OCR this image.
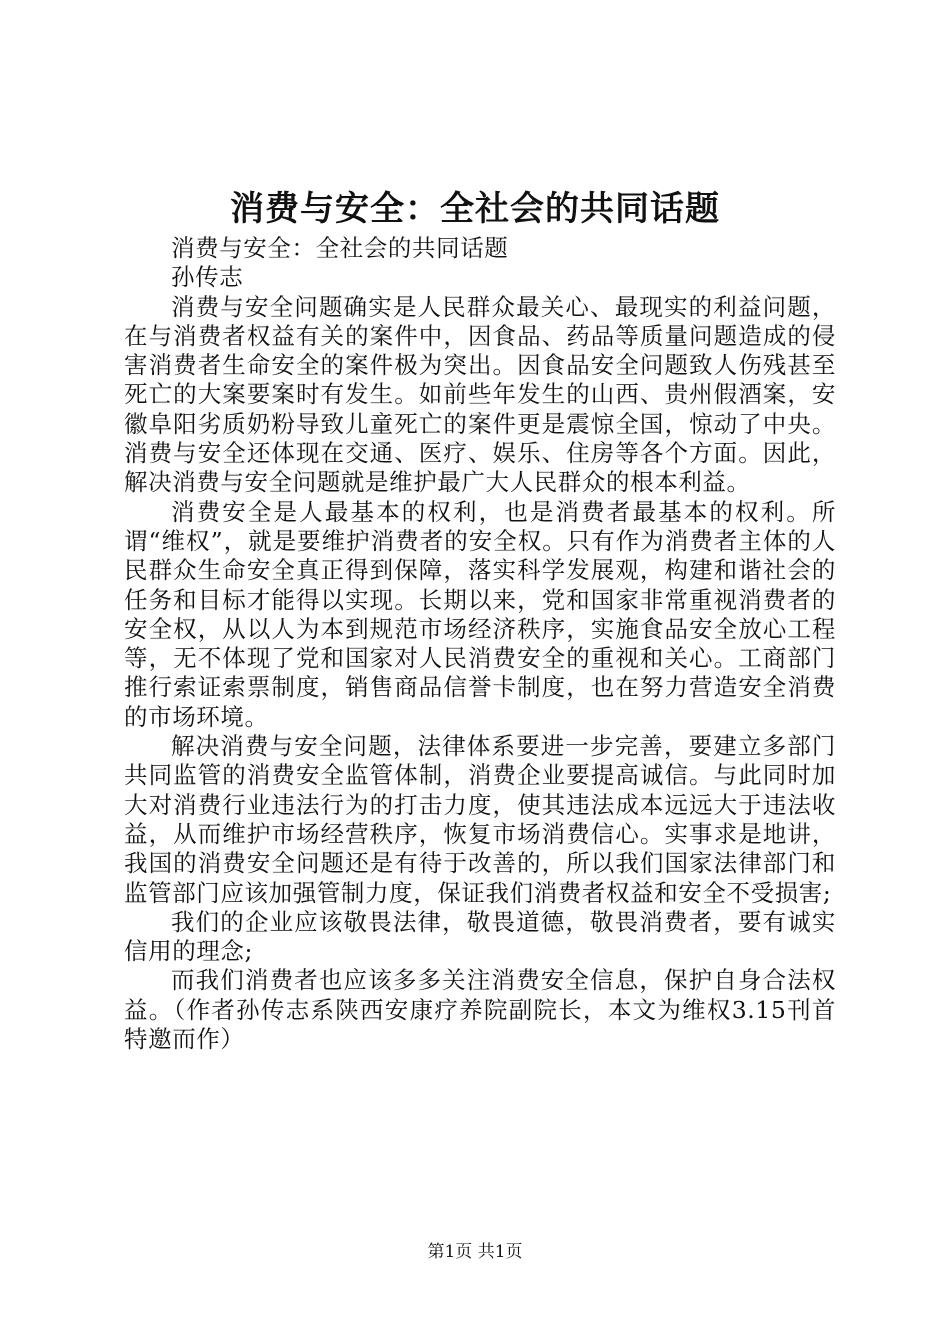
消费与安全：全社会的共同话题

消费与安全：全社会的共同话题

孙传志

消费与安全问题确实是人民群众最关心、最现实的利益问题，在与消费者权益有关的案件中，因食品、药品等质量问题造成的侵害消费者生命安全的案件极为突出。因食品安全问题致人伤残甚至死亡的大案要案时有发生。如前些年发生的山西、贵州假酒案，安徽阜阳劣质奶粉导致儿童死亡的案件更是震惊全国，惊动了中央。消费与安全还体现在交通、医疗、娱乐、住房等各个方面。因此，解决消费与安全问题就是维护最广大人民群众的根本利益。

消费安全是人最基本的权利，也是消费者最基本的权利。所谓“维权”，就是要维护消费者的安全权。只有作为消费者主体的人民群众生命安全真正得到保障，落实科学发展观，构建和谐社会的任务和目标才能得以实现。长期以来，党和国家非常重视消费者的安全权，从以人为本到规范市场经济秩序，实施食品安全放心工程等，无不体现了党和国家对人民消费安全的重视和关心。工商部门推行索证索票制度，销售商品信誉卡制度，也在努力营造安全消费的市场环境。

解决消费与安全问题，法律体系要进一步完善，要建立多部门共同监管的消费安全监管体制，消费企业要提高诚信。与此同时加大对消费行业违法行为的打击力度，使其违法成本远远大于违法收益，从而维护市场经营秩序，恢复市场消费信心。实事求是地讲，我国的消费安全问题还是有待于改善的，所以我们国家法律部门和监管部门应该加强管制力度，保证我们消费者权益和安全不受损害;

我们的企业应该敬畏法律，敬畏道德，敬畏消费者，要有诚实信用的理念;

而我们消费者也应该多多关注消费安全信息，保护自身合法权益。（作者孙传志系陕西安康疗养院副院长，本文为维权3.15刊首特邀而作）

第1页 共1页
